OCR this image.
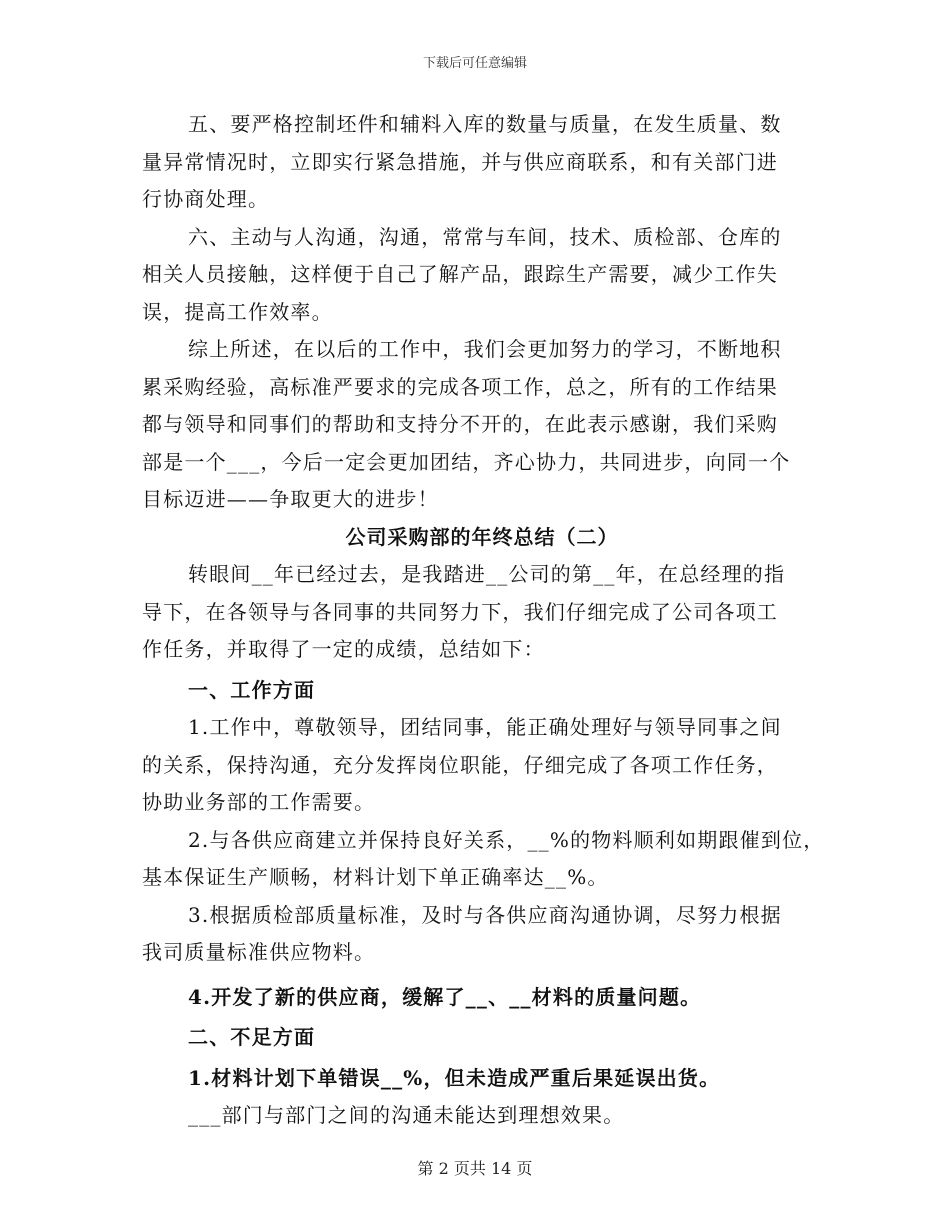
下载后可任意编辑
五、要严格控制坯件和辅料入库的数量与质量，在发生质量、数
量异常情况时，立即实行紧急措施，并与供应商联系，和有关部门进
行协商处理。
六、主动与人沟通，沟通，常常与车间，技术、质检部、仓库的
相关人员接触，这样便于自己了解产品，跟踪生产需要，减少工作失
误，提高工作效率。
综上所述，在以后的工作中，我们会更加努力的学习，不断地积
累采购经验，高标准严要求的完成各项工作，总之，所有的工作结果
都与领导和同事们的帮助和支持分不开的，在此表示感谢，我们采购
部是一个___，今后一定会更加团结，齐心协力，共同进步，向同一个
目标迈进——争取更大的进步！
公司采购部的年终总结（二）
转眼间__年已经过去，是我踏进__公司的第__年，在总经理的指
导下，在各领导与各同事的共同努力下，我们仔细完成了公司各项工
作任务，并取得了一定的成绩，总结如下：
一、工作方面
1.工作中，尊敬领导，团结同事，能正确处理好与领导同事之间
的关系，保持沟通，充分发挥岗位职能，仔细完成了各项工作任务，
协助业务部的工作需要。
2.与各供应商建立并保持良好关系，__%的物料顺利如期跟催到位，
基本保证生产顺畅，材料计划下单正确率达__%。
3.根据质检部质量标准，及时与各供应商沟通协调，尽努力根据
我司质量标准供应物料。
4.开发了新的供应商，缓解了__、__材料的质量问题。
二、不足方面
1.材料计划下单错误__%，但未造成严重后果延误出货。
___部门与部门之间的沟通未能达到理想效果。
第 2 页共 14 页
